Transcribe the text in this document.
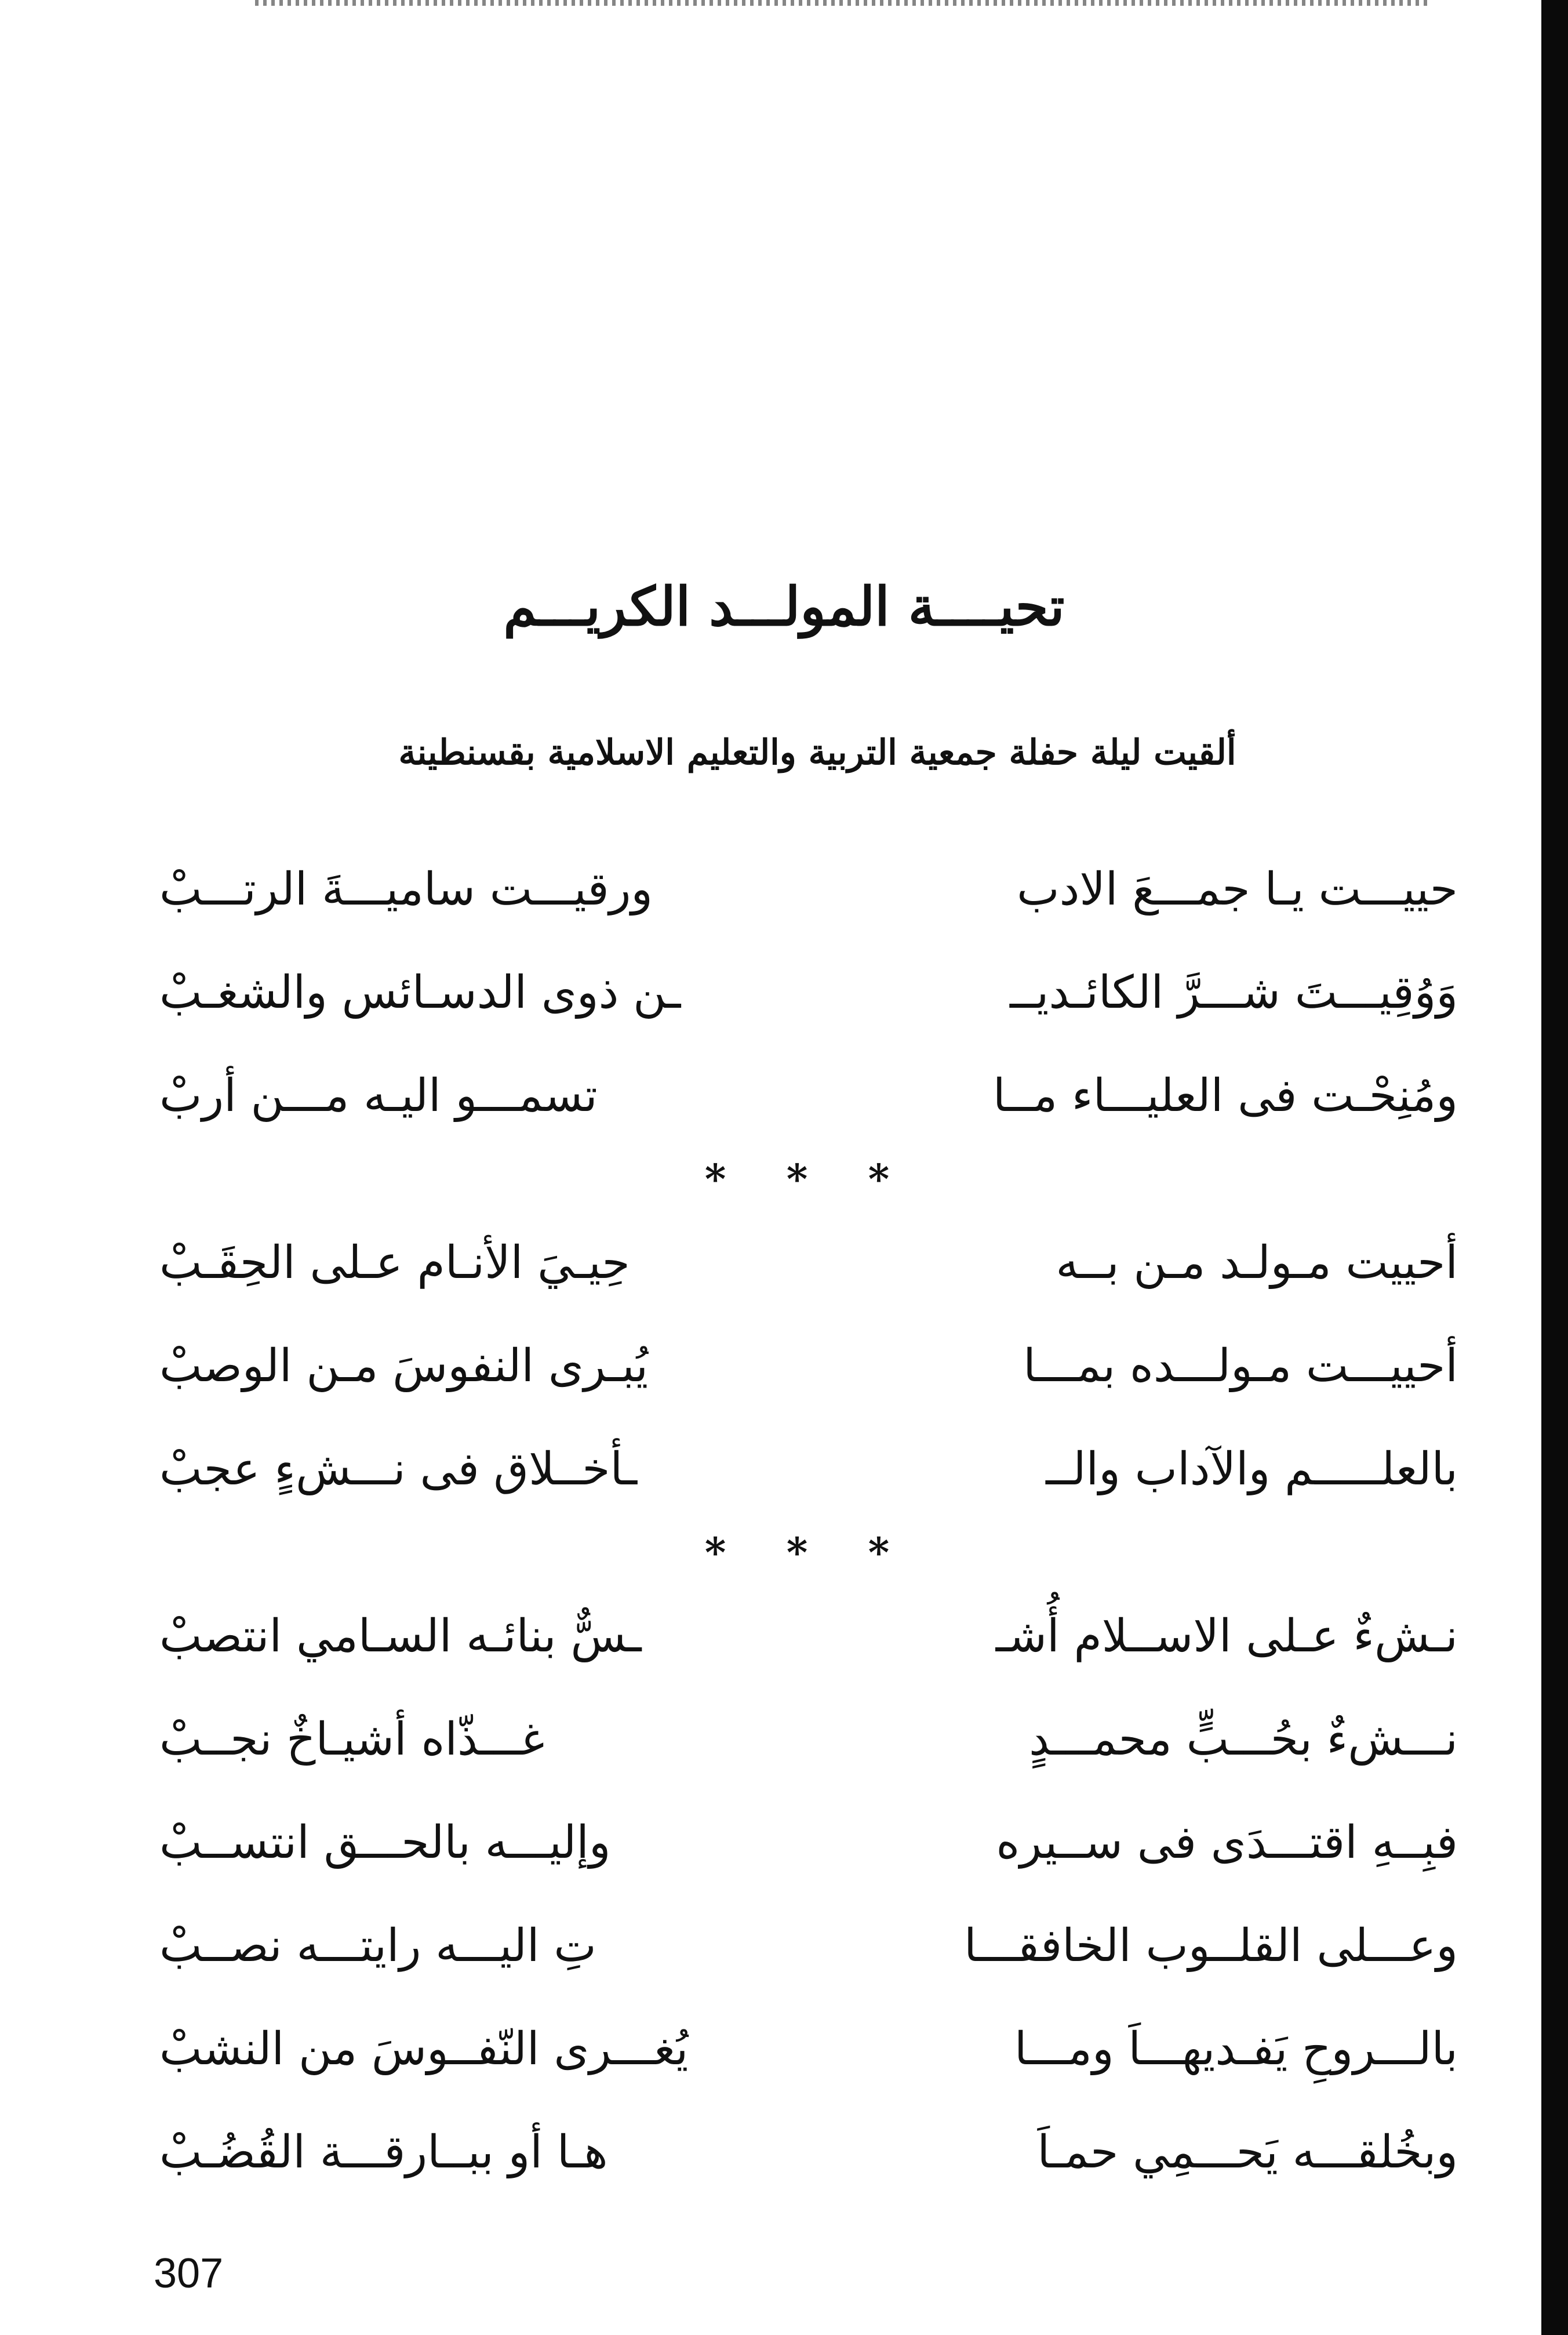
تحيــــة المولـــد الكريـــم
ألقيت ليلة حفلة جمعية التربية والتعليم الاسلامية بقسنطينة
حييـــت يـا جمـــعَ الادب
ورقيـــت ساميـــةَ الرتـــبْ
وَوُقِيـــتَ شـــرَّ الكائـديــ
ـن ذوى الدسـائس والشغـبْ
ومُنِحْـت فى العليـــاء مــا
تسمـــو اليـه مـــن أربْ
* * *
أحييت مـولـد مـن بــه
حِيـيَ الأنـام عـلى الحِقَـبْ
أحييـــت مـولـــده بمـــا
يُبـرى النفوسَ مـن الوصبْ
بالعلـــــم والآداب والــ
ـأخــلاق فى نـــشءٍ عجبْ
* * *
نـشءٌ عـلى الاســلام أُشـ
ـسٌّ بنائـه السـامي انتصبْ
نـــشءٌ بحُـــبٍّ محمـــدٍ
غـــذّاه أشيـاخٌ نجــبْ
فبِــهِ اقتـــدَى فى ســيره
وإليـــه بالحـــق انتســبْ
وعـــلى القلــوب الخافقـــا
تِ اليـــه رايتـــه نصــبْ
بالـــروحِ يَفـديهـــاَ ومـــا
يُغـــرى النّفــوسَ من النشبْ
وبخُلقـــه يَحـــمِي حمـاَ
هـا أو ببــارقـــة القُضُـبْ
307
